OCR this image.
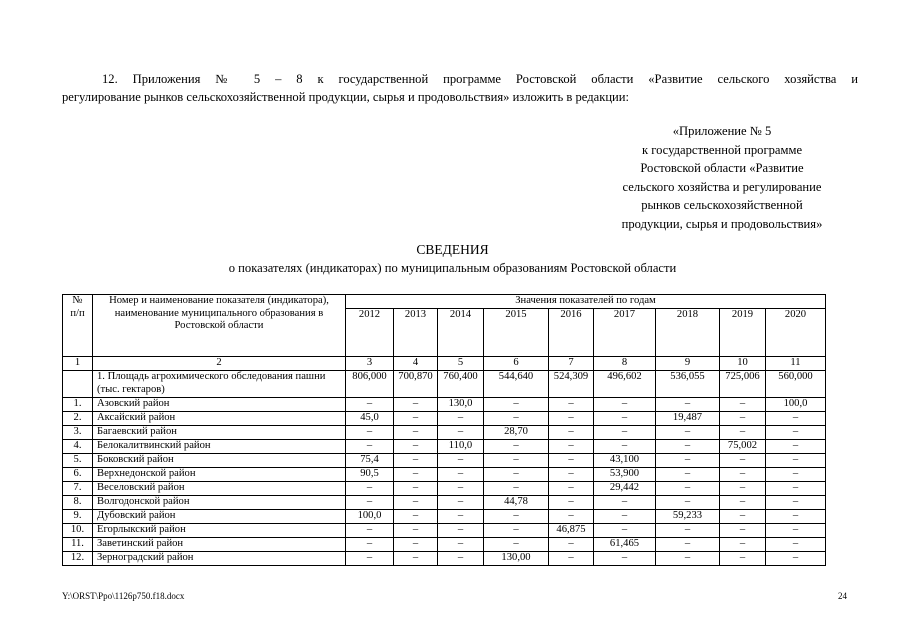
12. Приложения № 5 – 8 к государственной программе Ростовской области «Развитие сельского хозяйства и
регулирование рынков сельскохозяйственной продукции, сырья и продовольствия» изложить в редакции:
«Приложение № 5
к государственной программе
Ростовской области «Развитие
сельского хозяйства и регулирование
рынков сельскохозяйственной
продукции, сырья и продовольствия»
СВЕДЕНИЯ
о показателях (индикаторах) по муниципальным образованиям Ростовской области
№
п/п	Номер и наименование показателя (индикатора), наименование муниципального образования в Ростовской области	Значения показателей по годам								
		2012	2013	2014	2015	2016	2017	2018	2019	2020
1	2	3	4	5	6	7	8	9	10	11
	1. Площадь агрохимического обследования пашни (тыс. гектаров)	806,000	700,870	760,400	544,640	524,309	496,602	536,055	725,006	560,000
1.	Азовский район	–	–	130,0	–	–	–	–	–	100,0
2.	Аксайский район	45,0	–	–	–	–	–	19,487	–	–
3.	Багаевский район	–	–	–	28,70	–	–	–	–	–
4.	Белокалитвинский район	–	–	110,0	–	–	–	–	75,002	–
5.	Боковский район	75,4	–	–	–	–	43,100	–	–	–
6.	Верхнедонской район	90,5	–	–	–	–	53,900	–	–	–
7.	Веселовский район	–	–	–	–	–	29,442	–	–	–
8.	Волгодонской район	–	–	–	44,78	–	–	–	–	–
9.	Дубовский район	100,0	–	–	–	–	–	59,233	–	–
10.	Егорлыкский район	–	–	–	–	46,875	–	–	–	–
11.	Заветинский район	–	–	–	–	–	61,465	–	–	–
12.	Зерноградский район	–	–	–	130,00	–	–	–	–	–
Y:\ORST\Ppo\1126p750.f18.docx	24
